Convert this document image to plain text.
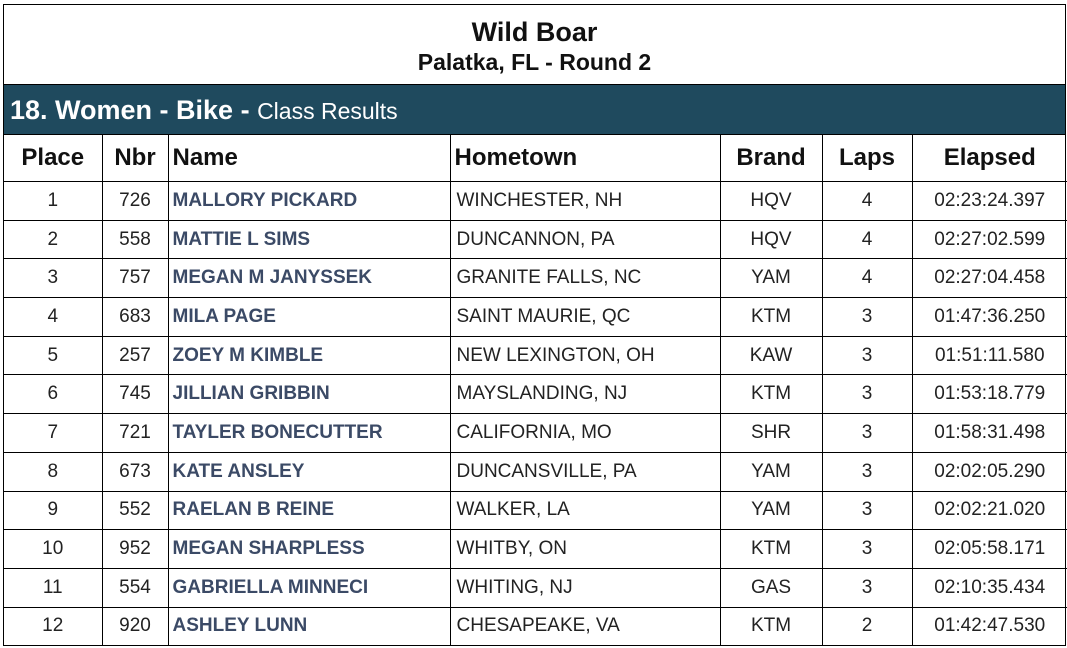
Wild Boar
Palatka, FL - Round 2
18. Women - Bike - Class Results
Place	Nbr	Name	Hometown	Brand	Laps	Elapsed
1	726	MALLORY PICKARD	WINCHESTER, NH	HQV	4	02:23:24.397
2	558	MATTIE L SIMS	DUNCANNON, PA	HQV	4	02:27:02.599
3	757	MEGAN M JANYSSEK	GRANITE FALLS, NC	YAM	4	02:27:04.458
4	683	MILA PAGE	SAINT MAURIE, QC	KTM	3	01:47:36.250
5	257	ZOEY M KIMBLE	NEW LEXINGTON, OH	KAW	3	01:51:11.580
6	745	JILLIAN GRIBBIN	MAYSLANDING, NJ	KTM	3	01:53:18.779
7	721	TAYLER BONECUTTER	CALIFORNIA, MO	SHR	3	01:58:31.498
8	673	KATE ANSLEY	DUNCANSVILLE, PA	YAM	3	02:02:05.290
9	552	RAELAN B REINE	WALKER, LA	YAM	3	02:02:21.020
10	952	MEGAN SHARPLESS	WHITBY, ON	KTM	3	02:05:58.171
11	554	GABRIELLA MINNECI	WHITING, NJ	GAS	3	02:10:35.434
12	920	ASHLEY LUNN	CHESAPEAKE, VA	KTM	2	01:42:47.530
